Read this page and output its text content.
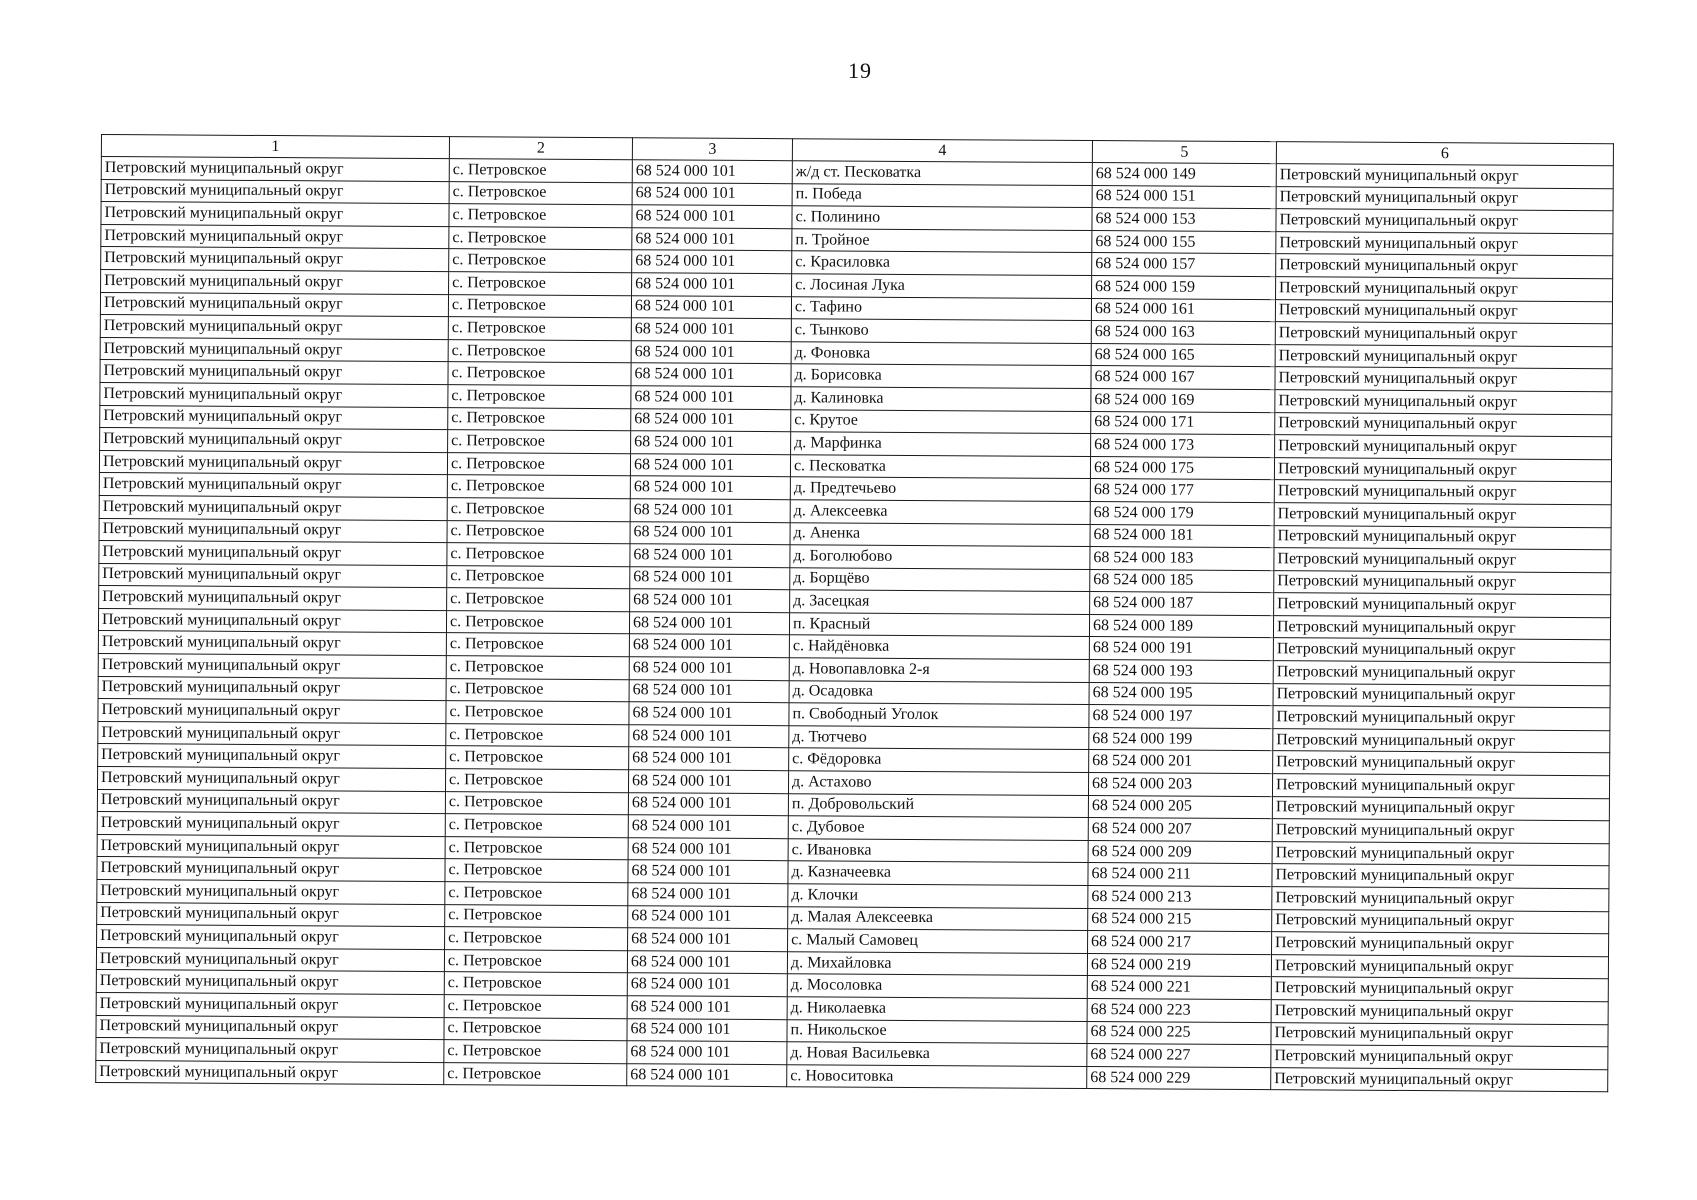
19
1	2	3	4	5	6
Петровский муниципальный округ	с. Петровское	68 524 000 101	ж/д ст. Песковатка	68 524 000 149	Петровский муниципальный округ
Петровский муниципальный округ	с. Петровское	68 524 000 101	п. Победа	68 524 000 151	Петровский муниципальный округ
Петровский муниципальный округ	с. Петровское	68 524 000 101	с. Полинино	68 524 000 153	Петровский муниципальный округ
Петровский муниципальный округ	с. Петровское	68 524 000 101	п. Тройное	68 524 000 155	Петровский муниципальный округ
Петровский муниципальный округ	с. Петровское	68 524 000 101	с. Красиловка	68 524 000 157	Петровский муниципальный округ
Петровский муниципальный округ	с. Петровское	68 524 000 101	с. Лосиная Лука	68 524 000 159	Петровский муниципальный округ
Петровский муниципальный округ	с. Петровское	68 524 000 101	с. Тафино	68 524 000 161	Петровский муниципальный округ
Петровский муниципальный округ	с. Петровское	68 524 000 101	с. Тынково	68 524 000 163	Петровский муниципальный округ
Петровский муниципальный округ	с. Петровское	68 524 000 101	д. Фоновка	68 524 000 165	Петровский муниципальный округ
Петровский муниципальный округ	с. Петровское	68 524 000 101	д. Борисовка	68 524 000 167	Петровский муниципальный округ
Петровский муниципальный округ	с. Петровское	68 524 000 101	д. Калиновка	68 524 000 169	Петровский муниципальный округ
Петровский муниципальный округ	с. Петровское	68 524 000 101	с. Крутое	68 524 000 171	Петровский муниципальный округ
Петровский муниципальный округ	с. Петровское	68 524 000 101	д. Марфинка	68 524 000 173	Петровский муниципальный округ
Петровский муниципальный округ	с. Петровское	68 524 000 101	с. Песковатка	68 524 000 175	Петровский муниципальный округ
Петровский муниципальный округ	с. Петровское	68 524 000 101	д. Предтечьево	68 524 000 177	Петровский муниципальный округ
Петровский муниципальный округ	с. Петровское	68 524 000 101	д. Алексеевка	68 524 000 179	Петровский муниципальный округ
Петровский муниципальный округ	с. Петровское	68 524 000 101	д. Аненка	68 524 000 181	Петровский муниципальный округ
Петровский муниципальный округ	с. Петровское	68 524 000 101	д. Боголюбово	68 524 000 183	Петровский муниципальный округ
Петровский муниципальный округ	с. Петровское	68 524 000 101	д. Борщёво	68 524 000 185	Петровский муниципальный округ
Петровский муниципальный округ	с. Петровское	68 524 000 101	д. Засецкая	68 524 000 187	Петровский муниципальный округ
Петровский муниципальный округ	с. Петровское	68 524 000 101	п. Красный	68 524 000 189	Петровский муниципальный округ
Петровский муниципальный округ	с. Петровское	68 524 000 101	с. Найдёновка	68 524 000 191	Петровский муниципальный округ
Петровский муниципальный округ	с. Петровское	68 524 000 101	д. Новопавловка 2-я	68 524 000 193	Петровский муниципальный округ
Петровский муниципальный округ	с. Петровское	68 524 000 101	д. Осадовка	68 524 000 195	Петровский муниципальный округ
Петровский муниципальный округ	с. Петровское	68 524 000 101	п. Свободный Уголок	68 524 000 197	Петровский муниципальный округ
Петровский муниципальный округ	с. Петровское	68 524 000 101	д. Тютчево	68 524 000 199	Петровский муниципальный округ
Петровский муниципальный округ	с. Петровское	68 524 000 101	с. Фёдоровка	68 524 000 201	Петровский муниципальный округ
Петровский муниципальный округ	с. Петровское	68 524 000 101	д. Астахово	68 524 000 203	Петровский муниципальный округ
Петровский муниципальный округ	с. Петровское	68 524 000 101	п. Добровольский	68 524 000 205	Петровский муниципальный округ
Петровский муниципальный округ	с. Петровское	68 524 000 101	с. Дубовое	68 524 000 207	Петровский муниципальный округ
Петровский муниципальный округ	с. Петровское	68 524 000 101	с. Ивановка	68 524 000 209	Петровский муниципальный округ
Петровский муниципальный округ	с. Петровское	68 524 000 101	д. Казначеевка	68 524 000 211	Петровский муниципальный округ
Петровский муниципальный округ	с. Петровское	68 524 000 101	д. Клочки	68 524 000 213	Петровский муниципальный округ
Петровский муниципальный округ	с. Петровское	68 524 000 101	д. Малая Алексеевка	68 524 000 215	Петровский муниципальный округ
Петровский муниципальный округ	с. Петровское	68 524 000 101	с. Малый Самовец	68 524 000 217	Петровский муниципальный округ
Петровский муниципальный округ	с. Петровское	68 524 000 101	д. Михайловка	68 524 000 219	Петровский муниципальный округ
Петровский муниципальный округ	с. Петровское	68 524 000 101	д. Мосоловка	68 524 000 221	Петровский муниципальный округ
Петровский муниципальный округ	с. Петровское	68 524 000 101	д. Николаевка	68 524 000 223	Петровский муниципальный округ
Петровский муниципальный округ	с. Петровское	68 524 000 101	п. Никольское	68 524 000 225	Петровский муниципальный округ
Петровский муниципальный округ	с. Петровское	68 524 000 101	д. Новая Васильевка	68 524 000 227	Петровский муниципальный округ
Петровский муниципальный округ	с. Петровское	68 524 000 101	с. Новоситовка	68 524 000 229	Петровский муниципальный округ
